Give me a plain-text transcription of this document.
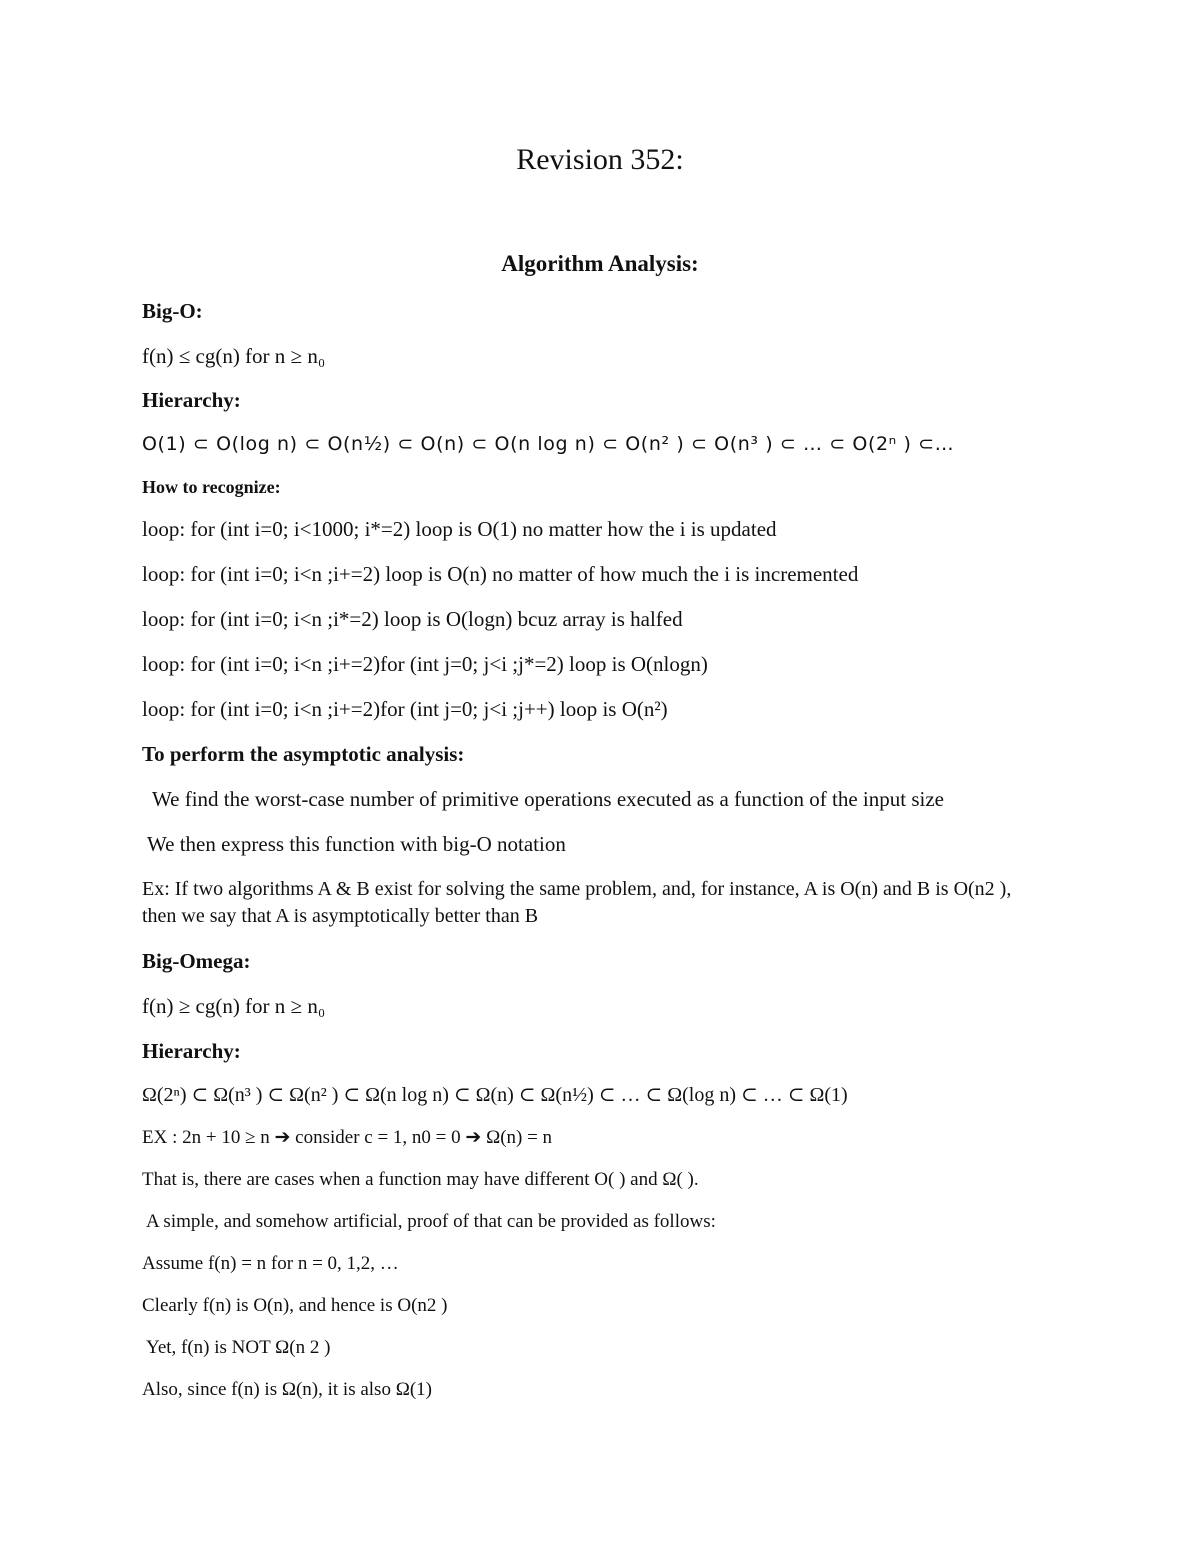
Revision 352:
Algorithm Analysis:
Big-O:
f(n) ≤ cg(n) for n ≥ n₀
Hierarchy:
O(1) ⊂ O(log n) ⊂ O(n½) ⊂ O(n) ⊂ O(n log n) ⊂ O(n² ) ⊂ O(n³ ) ⊂ … ⊂ O(2ⁿ ) ⊂…
How to recognize:
loop: for (int i=0; i<1000; i*=2) loop is O(1) no matter how the i is updated
loop: for (int i=0; i<n ;i+=2) loop is O(n) no matter of how much the i is incremented
loop: for (int i=0; i<n ;i*=2) loop is O(logn) bcuz array is halfed
loop: for (int i=0; i<n ;i+=2)for (int j=0; j<i ;j*=2) loop is O(nlogn)
loop: for (int i=0; i<n ;i+=2)for (int j=0; j<i ;j++) loop is O(n²)
To perform the asymptotic analysis:
We find the worst-case number of primitive operations executed as a function of the input size
We then express this function with big-O notation
Ex: If two algorithms A & B exist for solving the same problem, and, for instance, A is O(n) and B is O(n2 ), then we say that A is asymptotically better than B
Big-Omega:
f(n) ≥ cg(n) for n ≥ n₀
Hierarchy:
Ω(2ⁿ) ⊂ Ω(n³ ) ⊂ Ω(n² ) ⊂ Ω(n log n) ⊂ Ω(n) ⊂ Ω(n½) ⊂ … ⊂ Ω(log n) ⊂ … ⊂ Ω(1)
EX : 2n + 10 ≥ n ➔ consider c = 1, n0 = 0 ➔ Ω(n) = n
That is, there are cases when a function may have different O( ) and Ω( ).
A simple, and somehow artificial, proof of that can be provided as follows:
Assume f(n) = n for n = 0, 1,2, …
Clearly f(n) is O(n), and hence is O(n2 )
Yet, f(n) is NOT Ω(n 2 )
Also, since f(n) is Ω(n), it is also Ω(1)
